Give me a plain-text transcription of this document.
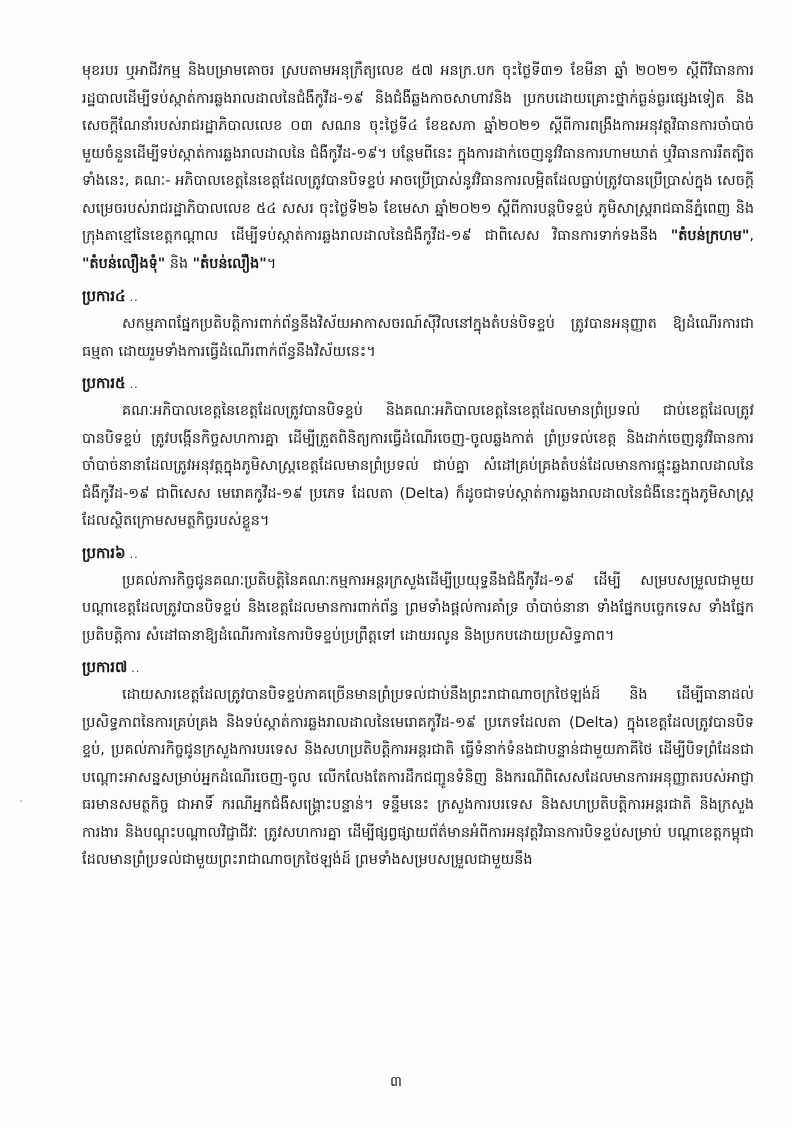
មុខរបរ ឬអាជីវកម្ម និងបម្រាមគោចរ ស្របតាមអនុក្រឹត្យលេខ ៥៧ អនក្រ.បក ចុះថ្ងៃទី៣១ ខែមីនា ឆ្នាំ ២០២១ ស្តីពីវិធានការរដ្ឋបាលដើម្បីទប់ស្កាត់ការឆ្លងរាលដាលនៃជំងឺកូវីដ-១៩ និងជំងឺឆ្លងកាចសាហាវនិង ប្រកបដោយគ្រោះថ្នាក់ធ្ងន់ធ្ងរផ្សេងទៀត និងសេចក្តីណែនាំរបស់រាជរដ្ឋាភិបាលលេខ ០៣ សណន ចុះថ្ងៃទី៤ ខែឧសភា ឆ្នាំ២០២១ ស្តីពីការពង្រឹងការអនុវត្តវិធានការចាំបាច់មួយចំនួនដើម្បីទប់ស្កាត់ការឆ្លងរាលដាលនៃ ជំងឺកូវីដ-១៩។ បន្ថែមពីនេះ ក្នុងការដាក់ចេញនូវវិធានការហាមឃាត់ ឬវិធានការរឹតត្បិតទាំងនេះ, គណៈ- អភិបាលខេត្តនៃខេត្តដែលត្រូវបានបិទខ្ទប់ អាចប្រើប្រាស់នូវវិធានការលម្អិតដែលធ្លាប់ត្រូវបានប្រើប្រាស់ក្នុង សេចក្តីសម្រេចរបស់រាជរដ្ឋាភិបាលលេខ ៥៤ សសរ ចុះថ្ងៃទី២៦ ខែមេសា ឆ្នាំ២០២១ ស្តីពីការបន្តបិទខ្ទប់ ភូមិសាស្ត្ររាជធានីភ្នំពេញ និងក្រុងតាខ្មៅនៃខេត្តកណ្តាល ដើម្បីទប់ស្កាត់ការឆ្លងរាលដាលនៃជំងឺកូវីដ-១៩ ជាពិសេស វិធានការទាក់ទងនឹង "តំបន់ក្រហម", "តំបន់លឿងទុំ" និង "តំបន់លឿង"។

ប្រការ៤ ..

សកម្មភាពផ្នែកប្រតិបត្តិការពាក់ព័ន្ធនឹងវិស័យអាកាសចរណ៍ស៊ីវិលនៅក្នុងតំបន់បិទខ្ទប់ ត្រូវបានអនុញ្ញាត ឱ្យដំណើរការជាធម្មតា ដោយរួមទាំងការធ្វើដំណើរពាក់ព័ន្ធនឹងវិស័យនេះ។

ប្រការ៥ ..

គណៈអភិបាលខេត្តនៃខេត្តដែលត្រូវបានបិទខ្ទប់ និងគណៈអភិបាលខេត្តនៃខេត្តដែលមានព្រំប្រទល់ ជាប់ខេត្តដែលត្រូវបានបិទខ្ទប់ ត្រូវបង្កើនកិច្ចសហការគ្នា ដើម្បីត្រួតពិនិត្យការធ្វើដំណើរចេញ-ចូលឆ្លងកាត់ ព្រំប្រទល់ខេត្ត និងដាក់ចេញនូវវិធានការចាំបាច់នានាដែលត្រូវអនុវត្តក្នុងភូមិសាស្ត្រខេត្តដែលមានព្រំប្រទល់ ជាប់គ្នា សំដៅគ្រប់គ្រងតំបន់ដែលមានការផ្ទុះឆ្លងរាលដាលនៃជំងឺកូវីដ-១៩ ជាពិសេស មេរោគកូវីដ-១៩ ប្រភេទ ដែលតា (Delta) ក៏ដូចជាទប់ស្កាត់ការឆ្លងរាលដាលនៃជំងឺនេះក្នុងភូមិសាស្ត្រដែលស្ថិតក្រោមសមត្ថកិច្ចរបស់ខ្លួន។

ប្រការ៦ ..

ប្រគល់ភារកិច្ចជូនគណៈប្រតិបត្តិនៃគណៈកម្មការអន្តរក្រសួងដើម្បីប្រយុទ្ធនឹងជំងឺកូវីដ-១៩ ដើម្បី សម្របសម្រួលជាមួយបណ្តាខេត្តដែលត្រូវបានបិទខ្ទប់ និងខេត្តដែលមានការពាក់ព័ន្ធ ព្រមទាំងផ្តល់ការគាំទ្រ ចាំបាច់នានា ទាំងផ្នែកបច្ចេកទេស ទាំងផ្នែកប្រតិបត្តិការ សំដៅធានាឱ្យដំណើរការនៃការបិទខ្ទប់ប្រព្រឹត្តទៅ ដោយរលូន និងប្រកបដោយប្រសិទ្ធភាព។

ប្រការ៧ ..

ដោយសារខេត្តដែលត្រូវបានបិទខ្ទប់ភាគច្រើនមានព្រំប្រទល់ជាប់នឹងព្រះរាជាណាចក្រថៃឡង់ដ៍ និង ដើម្បីធានាដល់ប្រសិទ្ធភាពនៃការគ្រប់គ្រង និងទប់ស្កាត់ការឆ្លងរាលដាលនៃមេរោគកូវីដ-១៩ ប្រភេទដែលតា (Delta) ក្នុងខេត្តដែលត្រូវបានបិទខ្ទប់, ប្រគល់ភារកិច្ចជូនក្រសួងការបរទេស និងសហប្រតិបត្តិការអន្តរជាតិ ធ្វើទំនាក់ទំនងជាបន្ទាន់ជាមួយភាគីថៃ ដើម្បីបិទព្រំដែនជាបណ្តោះអាសន្នសម្រាប់អ្នកដំណើរចេញ-ចូល លើកលែងតែការដឹកជញ្ជូនទំនិញ និងករណីពិសេសដែលមានការអនុញ្ញាតរបស់អាជ្ញាធរមានសមត្ថកិច្ច ជាអាទិ៍ ករណីអ្នកជំងឺសង្គ្រោះបន្ទាន់។ ទន្ទឹមនេះ ក្រសួងការបរទេស និងសហប្រតិបត្តិការអន្តរជាតិ និងក្រសួងការងារ និងបណ្តុះបណ្តាលវិជ្ជាជីវៈ ត្រូវសហការគ្នា ដើម្បីផ្សព្វផ្សាយព័ត៌មានអំពីការអនុវត្តវិធានការបិទខ្ទប់សម្រាប់ បណ្តាខេត្តកម្ពុជាដែលមានព្រំប្រទល់ជាមួយព្រះរាជាណាចក្រថៃឡង់ដ៍ ព្រមទាំងសម្របសម្រួលជាមួយនឹង

៣
